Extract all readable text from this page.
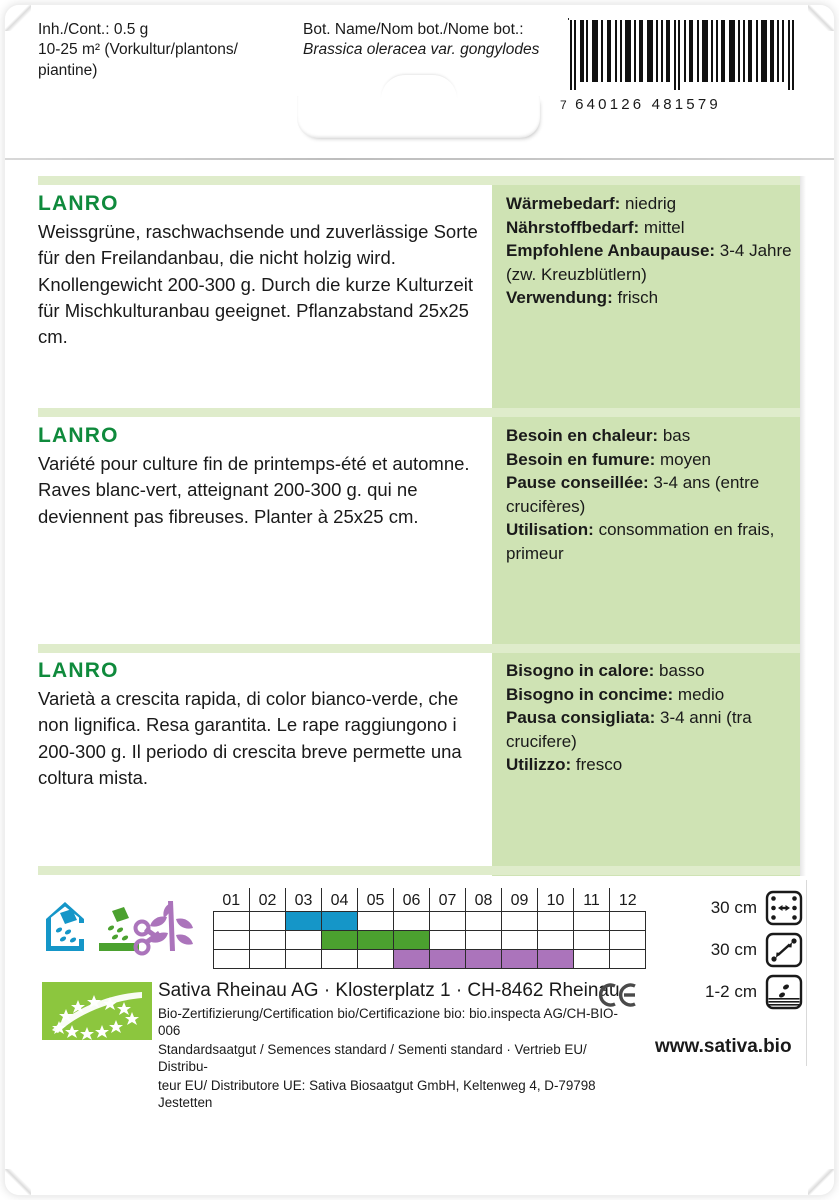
Inh./Cont.: 0.5 g
10-25 m² (Vorkultur/plantons/
piantine)
Bot. Name/Nom bot./Nome bot.:
Brassica oleracea var. gongylodes
7 640126 481579

LANRO

Weissgrüne, raschwachsende und zuverlässige Sorte für den Freilandanbau, die nicht holzig wird. Knollengewicht 200-300 g. Durch die kurze Kulturzeit für Mischkulturanbau geeignet. Pflanzabstand 25x25 cm.

Wärmebedarf: niedrig

Nährstoffbedarf: mittel

Empfohlene Anbaupause: 3-4 Jahre (zw. Kreuzblütlern)

Verwendung: frisch

LANRO

Variété pour culture fin de printemps-été et automne. Raves blanc-vert, atteignant 200-300 g. qui ne deviennent pas fibreuses. Planter à 25x25 cm.

Besoin en chaleur: bas

Besoin en fumure: moyen

Pause conseillée: 3-4 ans (entre crucifères)

Utilisation: consommation en frais, primeur

LANRO

Varietà a crescita rapida, di color bianco-verde, che non lignifica. Resa garantita. Le rape raggiungono i 200-300 g. Il periodo di crescita breve permette una coltura mista.

Bisogno in calore: basso

Bisogno in concime: medio

Pausa consigliata: 3-4 anni (tra crucifere)

Utilizzo: fresco

01	02	03	04	05	06	07	08	09	10	11	12

Sativa Rheinau AG · Klosterplatz 1 · CH-8462 Rheinau
Bio-Zertifizierung/Certification bio/Certificazione bio: bio.inspecta AG/CH-BIO-006
Standardsaatgut / Semences standard / Sementi standard · Vertrieb EU/ Distribu-
teur EU/ Distributore UE: Sativa Biosaatgut GmbH, Keltenweg 4, D-79798 Jestetten
30 cm
30 cm
1-2 cm
www.sativa.bio
